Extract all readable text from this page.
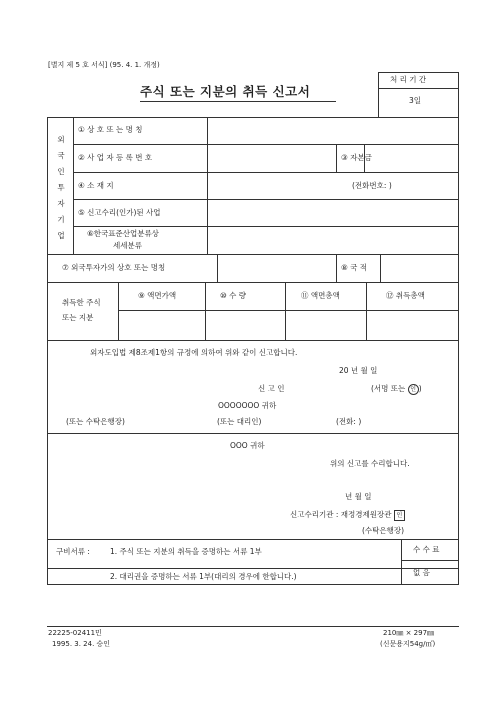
[별지 제 5 호 서식] (95. 4. 1. 개정)
주식 또는 지분의 취득 신고서
처 리 기 간
3일
외
국
인
투
자
기
업
① 상 호 또 는 명 칭
② 사 업 자 등 록 번 호	③ 자본금
④ 소 재 지	(전화번호: )
⑤ 신고수리(인가)된 사업
⑥한국표준산업분류상
세세분류
⑦ 외국투자가의 상호 또는 명칭	⑧ 국 적
취득한 주식
또는 지분
⑨ 액면가액	⑩ 수 량	⑪ 액면총액	⑫ 취득총액
외자도입법 제8조제1항의 규정에 의하여 위와 같이 신고합니다.
20 년 월 일
신 고 인	(서명 또는 인 )
OOOOOOO 귀하
(또는 수탁은행장)	(또는 대리인)	(전화: )
OOO 귀하
위의 신고를 수리합니다.
년 월 일
신고수리기관 : 재정경제원장관 인
(수탁은행장)
구비서류 :	1. 주식 또는 지분의 취득을 증명하는 서류 1부
2. 대리권을 증명하는 서류 1부(대리의 경우에 한합니다.)
수 수 료
없 음
22225-02411민
1995. 3. 24. 승인
210㎜ × 297㎜
(신문용지54g/㎡)
